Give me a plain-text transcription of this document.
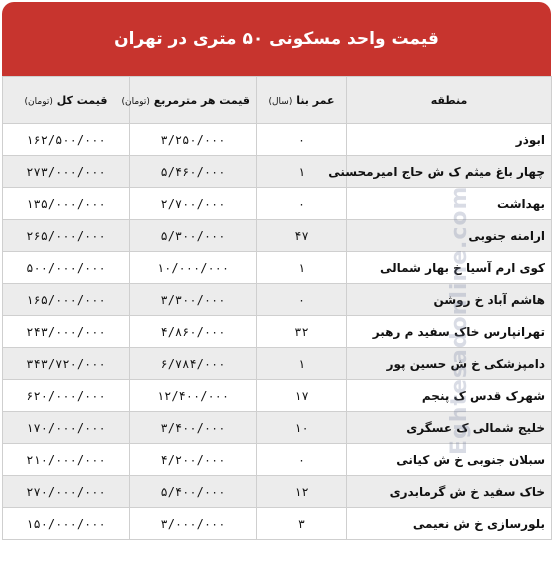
قیمت واحد مسکونی ۵۰ متری در تهران
منطقه	عمر بنا (سال)	قیمت هر مترمربع (تومان)	قیمت کل (تومان)
ابوذر	۰	۳/۲۵۰/۰۰۰	۱۶۲/۵۰۰/۰۰۰
چهار باغ میثم ک ش حاج امیرمحسنی	۱	۵/۴۶۰/۰۰۰	۲۷۳/۰۰۰/۰۰۰
بهداشت	۰	۲/۷۰۰/۰۰۰	۱۳۵/۰۰۰/۰۰۰
ارامنه جنوبی	۴۷	۵/۳۰۰/۰۰۰	۲۶۵/۰۰۰/۰۰۰
کوی ارم آسیا خ بهار شمالی	۱	۱۰/۰۰۰/۰۰۰	۵۰۰/۰۰۰/۰۰۰
هاشم آباد خ روشن	۰	۳/۳۰۰/۰۰۰	۱۶۵/۰۰۰/۰۰۰
تهرانپارس خاک سفید م رهبر	۳۲	۴/۸۶۰/۰۰۰	۲۴۳/۰۰۰/۰۰۰
دامپزشکی خ ش حسین پور	۱	۶/۷۸۴/۰۰۰	۳۴۳/۷۲۰/۰۰۰
شهرک قدس ک پنجم	۱۷	۱۲/۴۰۰/۰۰۰	۶۲۰/۰۰۰/۰۰۰
خلیج شمالی ک عسگری	۱۰	۳/۴۰۰/۰۰۰	۱۷۰/۰۰۰/۰۰۰
سبلان جنوبی خ ش کیانی	۰	۴/۲۰۰/۰۰۰	۲۱۰/۰۰۰/۰۰۰
خاک سفید خ ش گرمابدری	۱۲	۵/۴۰۰/۰۰۰	۲۷۰/۰۰۰/۰۰۰
بلورسازی خ ش نعیمی	۳	۳/۰۰۰/۰۰۰	۱۵۰/۰۰۰/۰۰۰
Eghtesadonline.com
